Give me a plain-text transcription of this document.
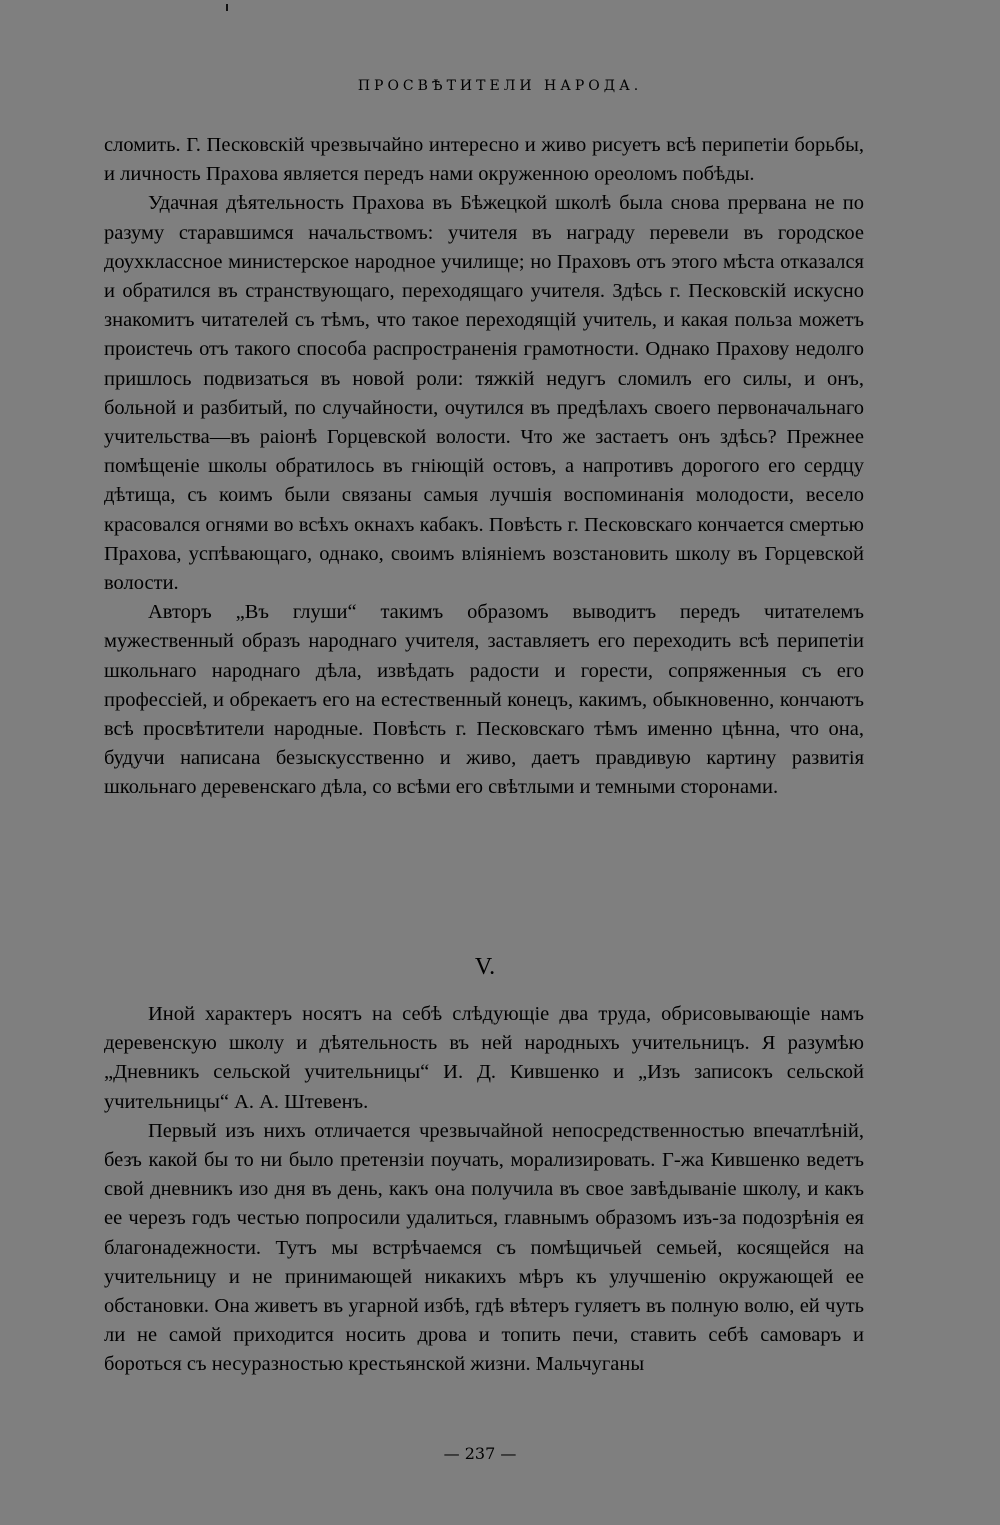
ПРОСВѢТИТЕЛИ НАРОДА.

сломить. Г. Песковскій чрезвычайно интересно и живо рисуетъ всѣ перипетіи борьбы, и личность Прахова является передъ нами окруженною ореоломъ побѣды.

Удачная дѣятельность Прахова въ Бѣжецкой школѣ была снова прервана не по разуму старавшимся начальствомъ: учителя въ награду перевели въ городское доухклассное министерское народное училище; но Праховъ отъ этого мѣста отказался и обратился въ странствующаго, переходящаго учителя. Здѣсь г. Песковскій искусно знакомитъ читателей съ тѣмъ, что такое переходящій учитель, и какая польза можетъ проистечь отъ такого способа распространенія грамотности. Однако Прахову недолго пришлось подвизаться въ новой роли: тяжкій недугъ сломилъ его силы, и онъ, больной и разбитый, по случайности, очутился въ предѣлахъ своего первоначальнаго учительства—въ раіонѣ Горцевской волости. Что же застаетъ онъ здѣсь? Прежнее помѣщеніе школы обратилось въ гніющій остовъ, а напротивъ дорогого его сердцу дѣтища, съ коимъ были связаны самыя лучшія воспоминанія молодости, весело красовался огнями во всѣхъ окнахъ кабакъ. Повѣсть г. Песковскаго кончается смертью Прахова, успѣвающаго, однако, своимъ вліяніемъ возстановить школу въ Горцевской волости.

Авторъ „Въ глуши“ такимъ образомъ выводитъ передъ читателемъ мужественный образъ народнаго учителя, заставляетъ его переходить всѣ перипетіи школьнаго народнаго дѣла, извѣдать радости и горести, сопряженныя съ его профессіей, и обрекаетъ его на естественный конецъ, какимъ, обыкновенно, кончаютъ всѣ просвѣтители народные. Повѣсть г. Песковскаго тѣмъ именно цѣнна, что она, будучи написана безыскусственно и живо, даетъ правдивую картину развитія школьнаго деревенскаго дѣла, со всѣми его свѣтлыми и темными сторонами.

V.

Иной характеръ носятъ на себѣ слѣдующіе два труда, обрисовывающіе намъ деревенскую школу и дѣятельность въ ней народныхъ учительницъ. Я разумѣю „Дневникъ сельской учительницы“ И. Д. Кившенко и „Изъ записокъ сельской учительницы“ А. А. Штевенъ.

Первый изъ нихъ отличается чрезвычайной непосредственностью впечатлѣній, безъ какой бы то ни было претензіи поучать, морализировать. Г-жа Кившенко ведетъ свой дневникъ изо дня въ день, какъ она получила въ свое завѣдываніе школу, и какъ ее черезъ годъ честью попросили удалиться, главнымъ образомъ изъ-за подозрѣнія ея благонадежности. Тутъ мы встрѣчаемся съ помѣщичьей семьей, косящейся на учительницу и не принимающей никакихъ мѣръ къ улучшенію окружающей ее обстановки. Она живетъ въ угарной избѣ, гдѣ вѣтеръ гуляетъ въ полную волю, ей чуть ли не самой приходится носить дрова и топить печи, ставить себѣ самоваръ и бороться съ несуразностью крестьянской жизни. Мальчуганы

— 237 —
